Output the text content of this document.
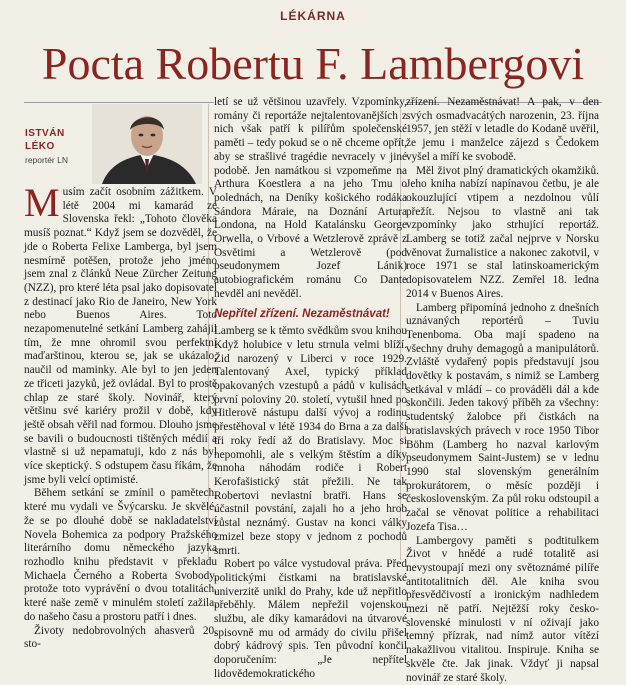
LÉKÁRNA
Pocta Robertu F. Lambergovi
ISTVÁN
LÉKO
reportér LN

Musím začít osobním zážitkem. V létě 2004 mi kamarád ze Slovenska řekl: „Tohoto člověka musíš poznat.“ Když jsem se dozvěděl, že jde o Roberta Felixe Lamberga, byl jsem nesmírně potěšen, protože jeho jméno jsem znal z článků Neue Zürcher Zeitung (NZZ), pro které léta psal jako dopisovatel z destinací jako Rio de Janeiro, New York nebo Buenos Aires. Toto nezapomenutelné setkání Lamberg zahájil tím, že mne ohromil svou perfektní maďarštinou, kterou se, jak se ukázalo, naučil od maminky. Ale byl to jen jeden ze třiceti jazyků, jež ovládal. Byl to prostě chlap ze staré školy. Novinář, který většinu své kariéry prožil v době, kdy ještě obsah věřil nad formou. Dlouho jsme se bavili o budoucnosti tištěných médií a vlastně si už nepamatuji, kdo z nás byl více skeptický. S odstupem času říkám, že jsme byli velcí optimisté.

Během setkání se zmínil o pamětech, které mu vydali ve Švýcarsku. Je skvělé, že se po dlouhé době se nakladatelství Novela Bohemica za podpory Pražského literárního domu německého jazyka rozhodlo knihu představit v překladu Michaela Černého a Roberta Svobody, protože toto vyprávění o dvou totalitách, které naše země v minulém století zažila, do našeho času a prostoru patří i dnes.

Životy nedobrovolných ahasverů 20. sto-

letí se už většinou uzavřely. Vzpomínky, romány či reportáže nejtalentovanějších z nich však patří k pilířům společenské paměti – tedy pokud se o ně chceme opřít, aby se strašlivé tragédie nevracely v jiné podobě. Jen namátkou si vzpomeňme na Arthura Koestlera a na jeho Tmu o polednách, na Deníky košického rodáka Sándora Máraie, na Doznání Artura Londona, na Hold Katalánsku George Orwella, o Vrbové a Wetzlerově zprávě z Osvětimi a Wetzlerově (pod pseudonymem Jozef Lánik) autobiografickém románu Co Dante nevděl ani nevěděl.

Nepřítel zřízení. Nezaměstnávat!

Lamberg se k těmto svědkům svou knihou Když holubice v letu strnula velmi blíží. Žid narozený v Liberci v roce 1929. Talentovaný Axel, typický příklad opakovaných vzestupů a pádů v kulisách první poloviny 20. století, vytušil hned po Hitlerově nástupu další vývoj a rodinu přestěhoval v létě 1934 do Brna a za další tři roky ředí až do Bratislavy. Moc si nepomohli, ale s velkým štěstím a díky mnoha náhodám rodiče i Robert Kerofašistický stát přežili. Ne tak Robertovi nevlastní bratři. Hans se účastnil povstání, zajali ho a jeho hrob zůstal neznámý. Gustav na konci války zmizel beze stopy v jednom z pochodů smrti.

Robert po válce vystudoval práva. Před politickými čistkami na bratislavské univerzitě unikl do Prahy, kde už nepřitlo přeběhly. Málem nepřežil vojenskou službu, ale díky kamarádovi na útvarové spisovně mu od armády do civilu přišel dobrý kádrový spis. Ten původní končil doporučením: „Je nepřítel lidovědemokratického

zřízení. Nezaměstnávat! A pak, v den svých osmadvacátých narozenin, 23. října 1957, jen stěží v letadle do Kodaně uvěřil, že jemu i manželce zájezd s Čedokem vyšel a míří ke svobodě.

Měl život plný dramatických okamžiků. Jeho kniha nabízí napínavou četbu, je ale okouzlující vtipem a nezdolnou vůlí přežít. Nejsou to vlastně ani tak vzpomínky jako strhující reportáž. Lamberg se totiž začal nejprve v Norsku věnovat žurnalistice a nakonec zakotvil, v roce 1971 se stal latinskoamerickým dopisovatelem NZZ. Zemřel 18. ledna 2014 v Buenos Aires.

Lamberg připomíná jednoho z dnešních uznávaných reportérů – Tuviu Tenenbomа. Oba mají spadeno na všechny druhy demagogů a manipulátorů. Zvláště vydařený popis představují jsou dovětky k postavám, s nimiž se Lamberg setkával v mládí – co prováděli dál a kde skončili. Jeden takový příběh za všechny: studentský žalobce při čistkách na bratislavských právech v roce 1950 Tibor Böhm (Lamberg ho nazval karlovým pseudonymem Saint-Justem) se v lednu 1990 stal slovenským generálním prokurátorem, o měsíc později i československým. Za půl roku odstoupil a začal se věnovat politice a rehabilitaci Jozefa Tisa…

Lambergovy paměti s podtitulkem Život v hnědé a rudé totalitě asi nevystoupají mezi ony světoznámé pilíře antitotalitních děl. Ale kniha svou přesvědčivostí a ironickým nadhledem mezi ně patří. Nejtěžší roky česko-slovenské minulosti v ní oživají jako temný přízrak, nad nímž autor vítězí nakažlivou vitalitou. Inspiruje. Kniha se skvěle čte. Jak jinak. Vždyť ji napsal novinář ze staré školy.
